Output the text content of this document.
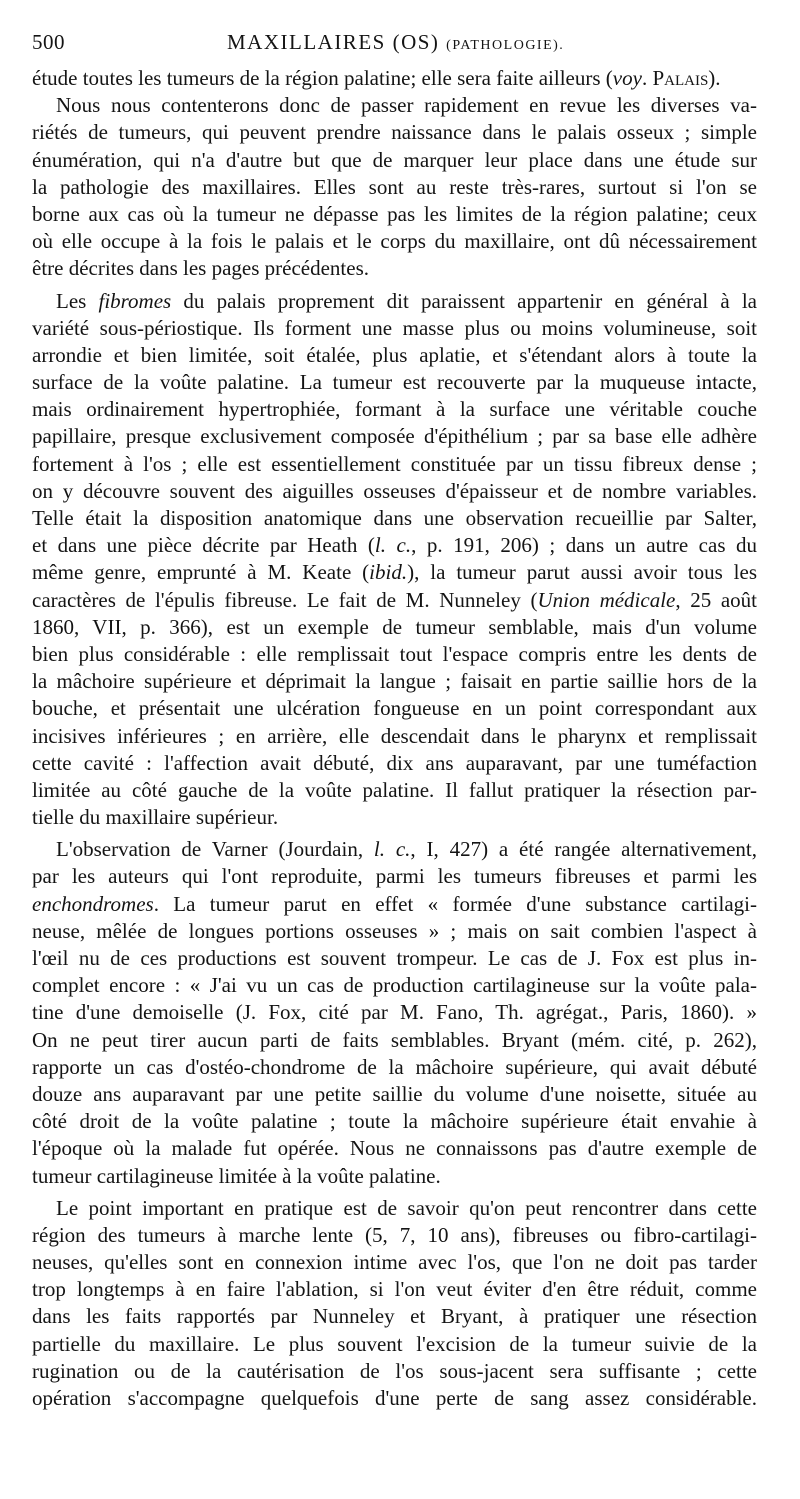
500	MAXILLAIRES (OS) (PATHOLOGIE).
étude toutes les tumeurs de la région palatine; elle sera faite ailleurs (voy. Palais).
Nous nous contenterons donc de passer rapidement en revue les diverses va-
riétés de tumeurs, qui peuvent prendre naissance dans le palais osseux ; simple
énumération, qui n'a d'autre but que de marquer leur place dans une étude sur
la pathologie des maxillaires. Elles sont au reste très-rares, surtout si l'on se
borne aux cas où la tumeur ne dépasse pas les limites de la région palatine; ceux
où elle occupe à la fois le palais et le corps du maxillaire, ont dû nécessairement
être décrites dans les pages précédentes.
Les fibromes du palais proprement dit paraissent appartenir en général à la
variété sous-périostique. Ils forment une masse plus ou moins volumineuse, soit
arrondie et bien limitée, soit étalée, plus aplatie, et s'étendant alors à toute la
surface de la voûte palatine. La tumeur est recouverte par la muqueuse intacte,
mais ordinairement hypertrophiée, formant à la surface une véritable couche
papillaire, presque exclusivement composée d'épithélium ; par sa base elle adhère
fortement à l'os ; elle est essentiellement constituée par un tissu fibreux dense ;
on y découvre souvent des aiguilles osseuses d'épaisseur et de nombre variables.
Telle était la disposition anatomique dans une observation recueillie par Salter,
et dans une pièce décrite par Heath (l. c., p. 191, 206) ; dans un autre cas du
même genre, emprunté à M. Keate (ibid.), la tumeur parut aussi avoir tous les
caractères de l'épulis fibreuse. Le fait de M. Nunneley (Union médicale, 25 août
1860, VII, p. 366), est un exemple de tumeur semblable, mais d'un volume
bien plus considérable : elle remplissait tout l'espace compris entre les dents de
la mâchoire supérieure et déprimait la langue ; faisait en partie saillie hors de la
bouche, et présentait une ulcération fongueuse en un point correspondant aux
incisives inférieures ; en arrière, elle descendait dans le pharynx et remplissait
cette cavité : l'affection avait débuté, dix ans auparavant, par une tuméfaction
limitée au côté gauche de la voûte palatine. Il fallut pratiquer la résection par-
tielle du maxillaire supérieur.
L'observation de Varner (Jourdain, l. c., I, 427) a été rangée alternativement,
par les auteurs qui l'ont reproduite, parmi les tumeurs fibreuses et parmi les
enchondromes. La tumeur parut en effet « formée d'une substance cartilagi-
neuse, mêlée de longues portions osseuses » ; mais on sait combien l'aspect à
l'œil nu de ces productions est souvent trompeur. Le cas de J. Fox est plus in-
complet encore : « J'ai vu un cas de production cartilagineuse sur la voûte pala-
tine d'une demoiselle (J. Fox, cité par M. Fano, Th. agrégat., Paris, 1860). »
On ne peut tirer aucun parti de faits semblables. Bryant (mém. cité, p. 262),
rapporte un cas d'ostéo-chondrome de la mâchoire supérieure, qui avait débuté
douze ans auparavant par une petite saillie du volume d'une noisette, située au
côté droit de la voûte palatine ; toute la mâchoire supérieure était envahie à
l'époque où la malade fut opérée. Nous ne connaissons pas d'autre exemple de
tumeur cartilagineuse limitée à la voûte palatine.
Le point important en pratique est de savoir qu'on peut rencontrer dans cette
région des tumeurs à marche lente (5, 7, 10 ans), fibreuses ou fibro-cartilagi-
neuses, qu'elles sont en connexion intime avec l'os, que l'on ne doit pas tarder
trop longtemps à en faire l'ablation, si l'on veut éviter d'en être réduit, comme
dans les faits rapportés par Nunneley et Bryant, à pratiquer une résection
partielle du maxillaire. Le plus souvent l'excision de la tumeur suivie de la
rugination ou de la cautérisation de l'os sous-jacent sera suffisante ; cette
opération s'accompagne quelquefois d'une perte de sang assez considérable.
